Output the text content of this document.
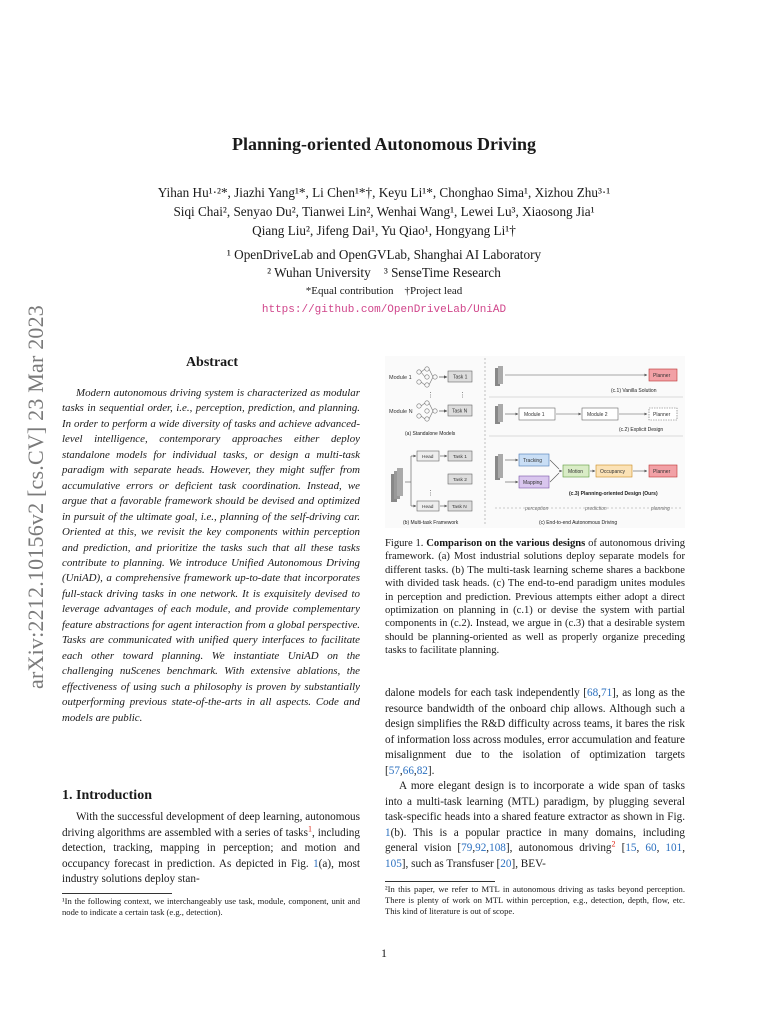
arXiv:2212.10156v2 [cs.CV] 23 Mar 2023
Planning-oriented Autonomous Driving
Yihan Hu¹·²*, Jiazhi Yang¹*, Li Chen¹*†, Keyu Li¹*, Chonghao Sima¹, Xizhou Zhu³·¹
Siqi Chai², Senyao Du², Tianwei Lin², Wenhai Wang¹, Lewei Lu³, Xiaosong Jia¹
Qiang Liu², Jifeng Dai¹, Yu Qiao¹, Hongyang Li¹†
¹ OpenDriveLab and OpenGVLab, Shanghai AI Laboratory
² Wuhan University    ³ SenseTime Research
*Equal contribution    †Project lead
https://github.com/OpenDriveLab/UniAD
Abstract
Modern autonomous driving system is characterized as modular tasks in sequential order, i.e., perception, prediction, and planning. In order to perform a wide diversity of tasks and achieve advanced-level intelligence, contemporary approaches either deploy standalone models for individual tasks, or design a multi-task paradigm with separate heads. However, they might suffer from accumulative errors or deficient task coordination. Instead, we argue that a favorable framework should be devised and optimized in pursuit of the ultimate goal, i.e., planning of the self-driving car. Oriented at this, we revisit the key components within perception and prediction, and prioritize the tasks such that all these tasks contribute to planning. We introduce Unified Autonomous Driving (UniAD), a comprehensive framework up-to-date that incorporates full-stack driving tasks in one network. It is exquisitely devised to leverage advantages of each module, and provide complementary feature abstractions for agent interaction from a global perspective. Tasks are communicated with unified query interfaces to facilitate each other toward planning. We instantiate UniAD on the challenging nuScenes benchmark. With extensive ablations, the effectiveness of using such a philosophy is proven by substantially outperforming previous state-of-the-arts in all aspects. Code and models are public.
1. Introduction
With the successful development of deep learning, autonomous driving algorithms are assembled with a series of tasks$^1$, including detection, tracking, mapping in perception; and motion and occupancy forecast in prediction. As depicted in Fig. 1(a), most industry solutions deploy stan-
¹In the following context, we interchangeably use task, module, component, unit and node to indicate a certain task (e.g., detection).
Module 1	Task 1
⋮	⋮
Module N	Task N
(a) Standalone Models
Head
Head
Task 1
Task 2
Task N
⋮
(b) Multi-task Framework
Planner
(c.1) Vanilla Solution
Module 1	Module 2	Planner
(c.2) Explicit Design
Tracking
Mapping
Motion	Occupancy	Planner
(c.3) Planning-oriented Design (Ours)
perception	prediction	planning
(c) End-to-end Autonomous Driving
Figure 1. Comparison on the various designs of autonomous driving framework. (a) Most industrial solutions deploy separate models for different tasks. (b) The multi-task learning scheme shares a backbone with divided task heads. (c) The end-to-end paradigm unites modules in perception and prediction. Previous attempts either adopt a direct optimization on planning in (c.1) or devise the system with partial components in (c.2). Instead, we argue in (c.3) that a desirable system should be planning-oriented as well as properly organize preceding tasks to facilitate planning.

dalone models for each task independently [68,71], as long as the resource bandwidth of the onboard chip allows. Although such a design simplifies the R&D difficulty across teams, it bares the risk of information loss across modules, error accumulation and feature misalignment due to the isolation of optimization targets [57,66,82].

A more elegant design is to incorporate a wide span of tasks into a multi-task learning (MTL) paradigm, by plugging several task-specific heads into a shared feature extractor as shown in Fig. 1(b). This is a popular practice in many domains, including general vision [79,92,108], autonomous driving$^2$ [15, 60, 101, 105], such as Transfuser [20], BEV-

²In this paper, we refer to MTL in autonomous driving as tasks beyond perception. There is plenty of work on MTL within perception, e.g., detection, depth, flow, etc. This kind of literature is out of scope.
1
